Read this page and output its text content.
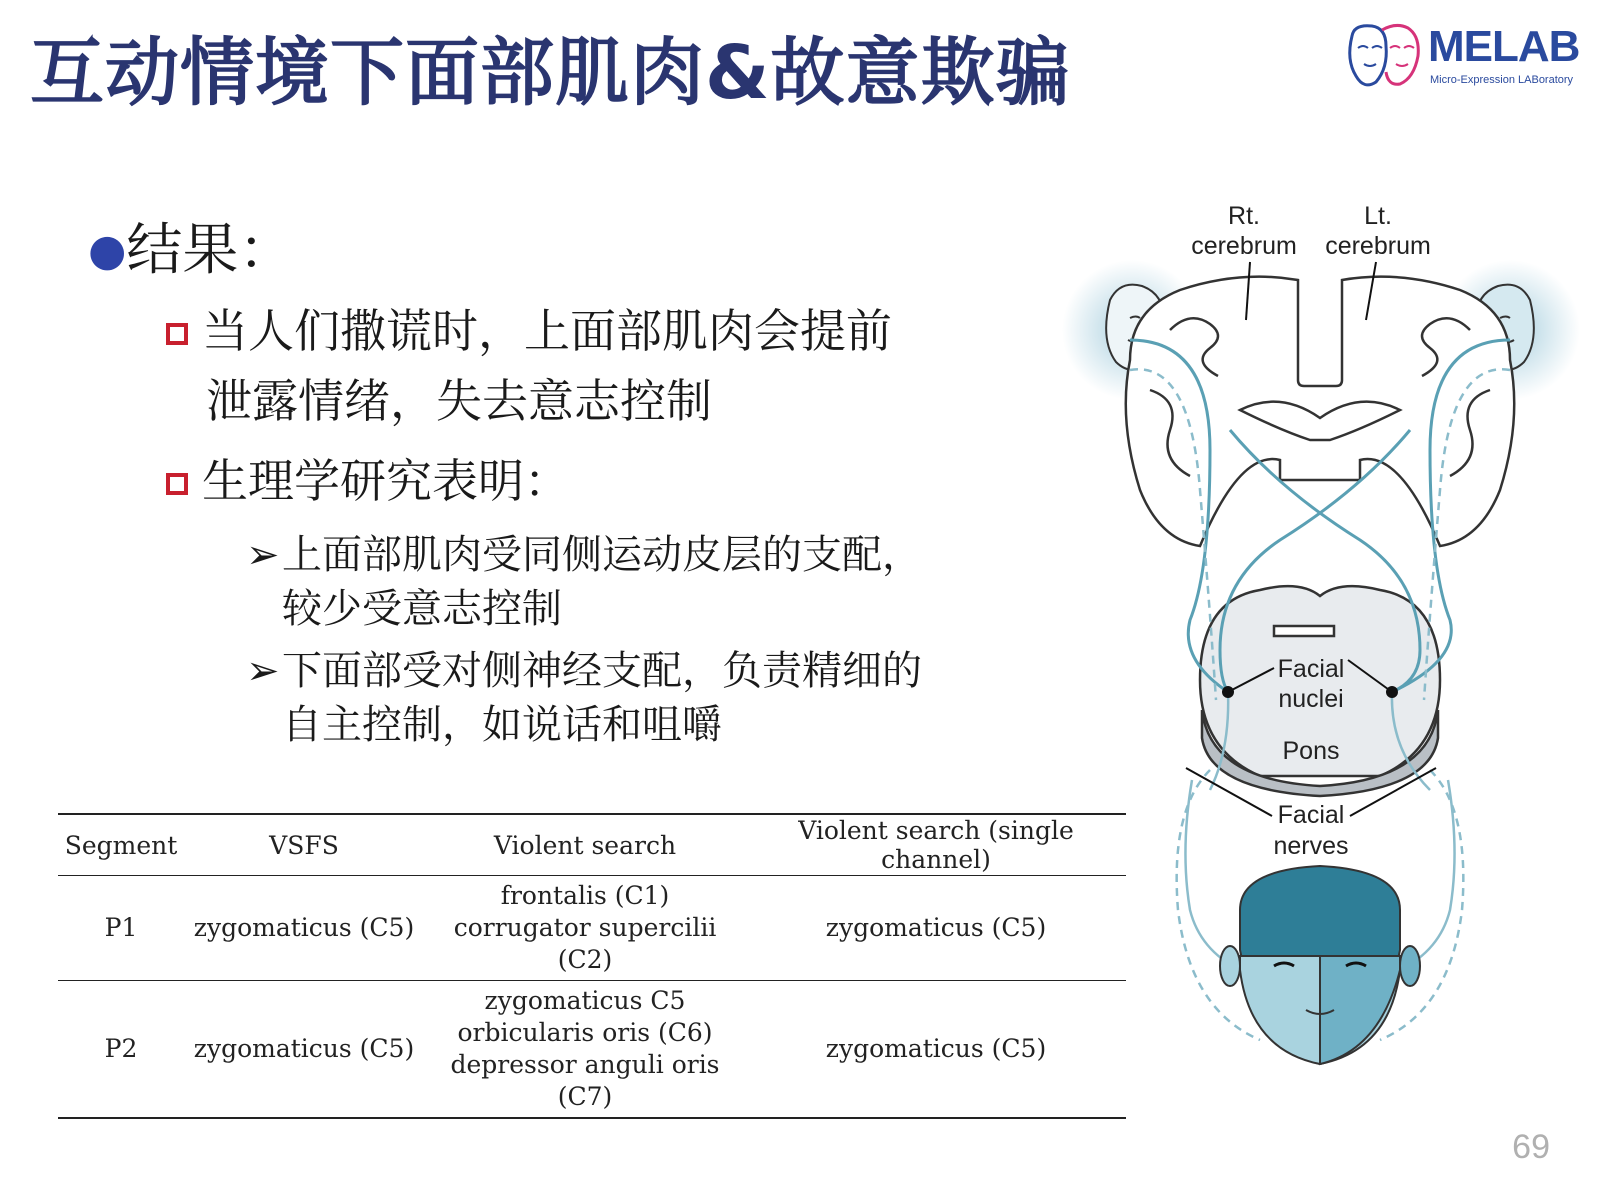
互动情境下面部肌肉&故意欺骗	MELAB
Micro-Expression LABoratory
●结果：
当人们撒谎时，上面部肌肉会提前
泄露情绪，失去意志控制
生理学研究表明：
➢上面部肌肉受同侧运动皮层的支配，
较少受意志控制
➢下面部受对侧神经支配，负责精细的
自主控制，如说话和咀嚼
Segment	VSFS	Violent search	Violent search (single channel)
P1	zygomaticus (C5)	frontalis (C1)
corrugator supercilii (C2)	zygomaticus (C5)
P2	zygomaticus (C5)	zygomaticus C5
orbicularis oris (C6)
depressor anguli oris (C7)	zygomaticus (C5)
Rt.
cerebrum
Lt.
cerebrum
Facial
nuclei
Pons
Facial
nerves
69
